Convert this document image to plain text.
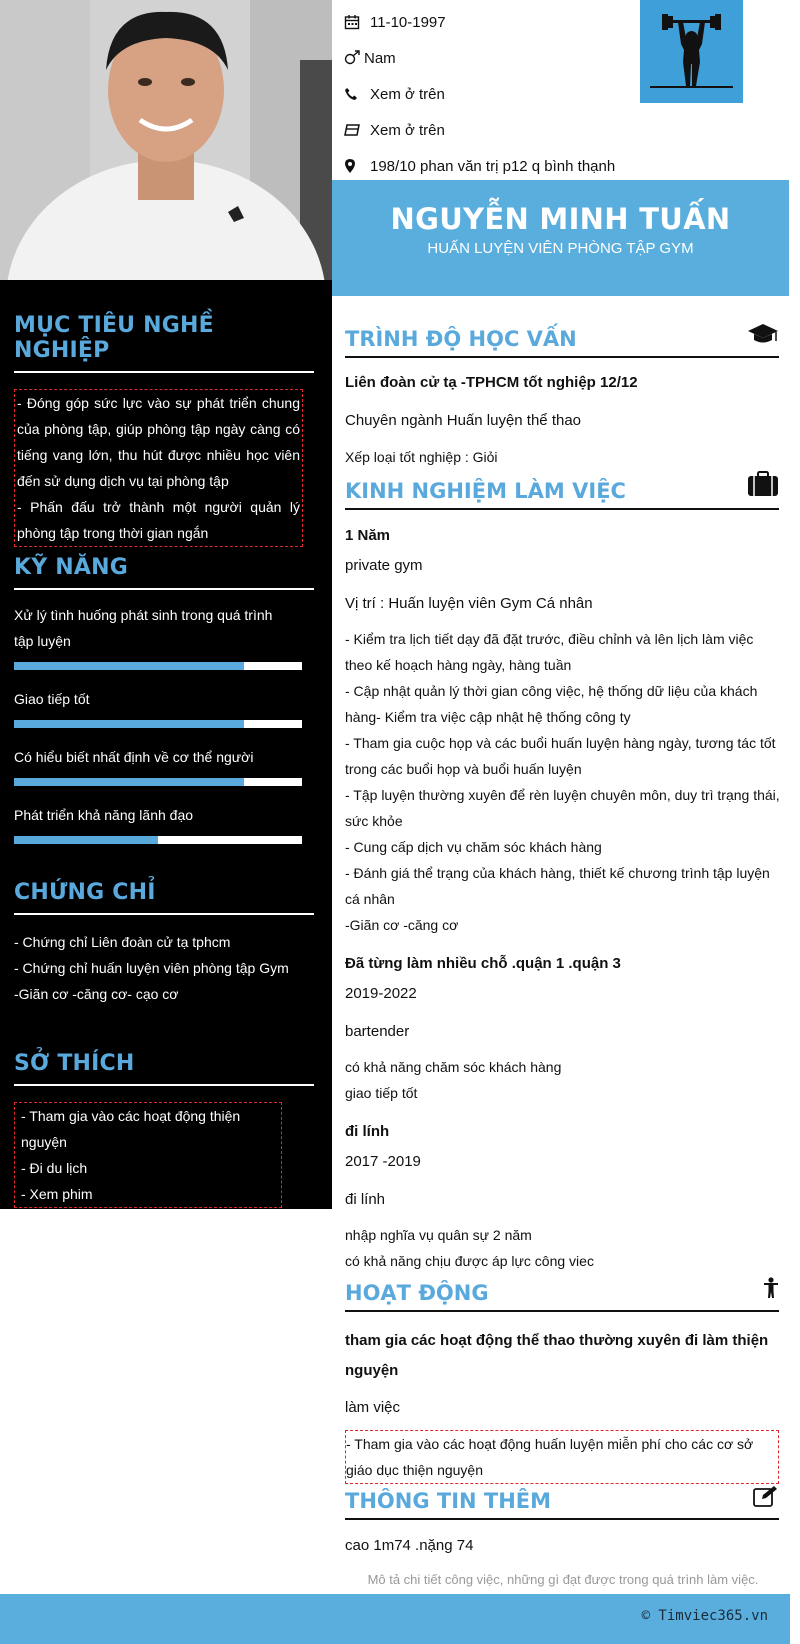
MỤC TIÊU NGHỀ NGHIỆP
- Đóng góp sức lực vào sự phát triển chung của phòng tập, giúp phòng tập ngày càng có tiếng vang lớn, thu hút được nhiều học viên đến sử dụng dịch vụ tại phòng tập
- Phấn đấu trở thành một người quản lý phòng tập trong thời gian ngắn
KỸ NĂNG
Xử lý tình huống phát sinh trong quá trình tập luyện
Giao tiếp tốt
Có hiểu biết nhất định về cơ thể người
Phát triển khả năng lãnh đạo
CHỨNG CHỈ
- Chứng chỉ Liên đoàn cử tạ tphcm
- Chứng chỉ huấn luyện viên phòng tập Gym
-Giãn cơ -căng cơ- cạo cơ
SỞ THÍCH
- Tham gia vào các hoạt động thiện nguyện
- Đi du lịch
- Xem phim
11-10-1997
Nam
Xem ở trên
Xem ở trên
198/10 phan văn trị p12 q bình thạnh
NGUYỄN MINH TUẤN
HUẤN LUYỆN VIÊN PHÒNG TẬP GYM
TRÌNH ĐỘ HỌC VẤN
Liên đoàn cử tạ -TPHCM tốt nghiệp 12/12
Chuyên ngành Huấn luyện thể thao
Xếp loại tốt nghiệp : Giỏi
KINH NGHIỆM LÀM VIỆC
1 Năm
private gym
Vị trí : Huấn luyện viên Gym Cá nhân
- Kiểm tra lịch tiết dạy đã đặt trước, điều chỉnh và lên lịch làm việc theo kế hoạch hàng ngày, hàng tuần
- Cập nhật quản lý thời gian công việc, hệ thống dữ liệu của khách hàng- Kiểm tra việc cập nhật hệ thống công ty
- Tham gia cuộc họp và các buổi huấn luyện hàng ngày, tương tác tốt trong các buổi họp và buổi huấn luyện
- Tập luyện thường xuyên để rèn luyện chuyên môn, duy trì trạng thái, sức khỏe
- Cung cấp dịch vụ chăm sóc khách hàng
- Đánh giá thể trạng của khách hàng, thiết kế chương trình tập luyện cá nhân
-Giãn cơ -căng cơ
Đã từng làm nhiều chỗ .quận 1 .quận 3
2019-2022
bartender
có khả năng chăm sóc khách hàng
giao tiếp tốt
đi lính
2017 -2019
đi lính
nhập nghĩa vụ quân sự 2 năm
có khả năng chịu được áp lực công viec
HOẠT ĐỘNG
tham gia các hoạt động thể thao thường xuyên đi làm thiện nguyện
làm việc
- Tham gia vào các hoạt động huấn luyện miễn phí cho các cơ sở giáo dục thiện nguyện
THÔNG TIN THÊM
cao 1m74 .nặng 74
Mô tả chi tiết công việc, những gì đạt được trong quá trình làm việc.
© Timviec365.vn
